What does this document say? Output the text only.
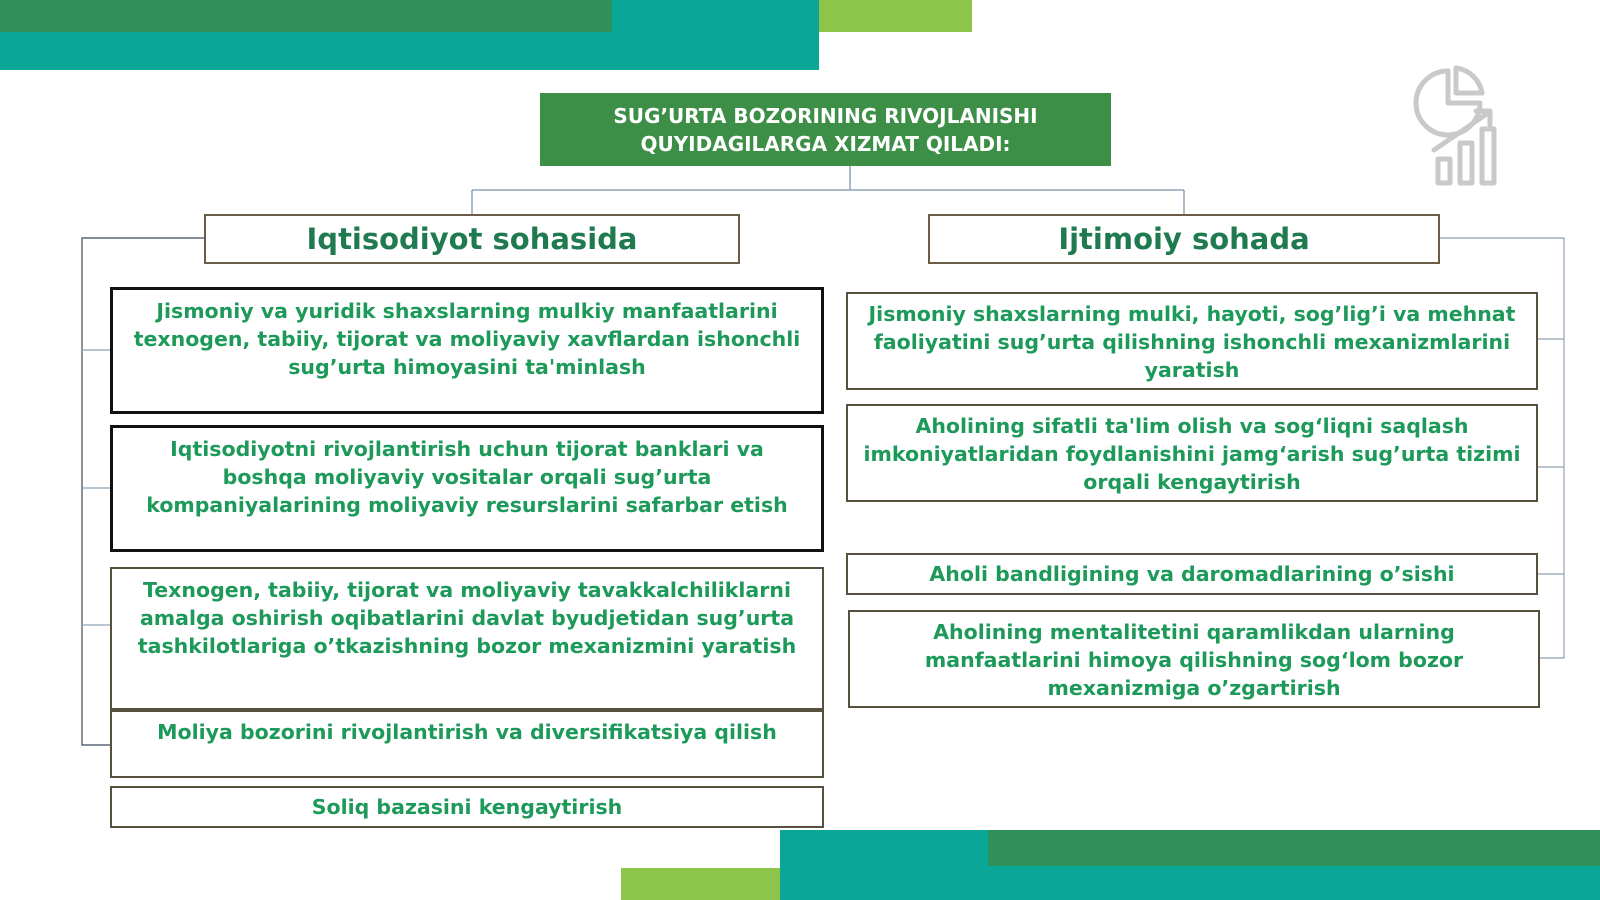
SUG’URTA BOZORINING RIVOJLANISHI
QUYIDAGILARGA XIZMAT QILADI:
Iqtisodiyot sohasida	Ijtimoiy sohada
Jismoniy va yuridik shaxslarning mulkiy manfaatlarini texnogen, tabiiy, tijorat va moliyaviy xavflardan ishonchli sug’urta himoyasini ta'minlash
Iqtisodiyotni rivojlantirish uchun tijorat banklari va boshqa moliyaviy vositalar orqali sug’urta kompaniyalarining moliyaviy resurslarini safarbar etish
Texnogen, tabiiy, tijorat va moliyaviy tavakkalchiliklarni amalga oshirish oqibatlarini davlat byudjetidan sug’urta tashkilotlariga o’tkazishning bozor mexanizmini yaratish
Moliya bozorini rivojlantirish va diversifikatsiya qilish
Soliq bazasini kengaytirish
Jismoniy shaxslarning mulki, hayoti, sog’lig’i va mehnat faoliyatini sug’urta qilishning ishonchli mexanizmlarini yaratish
Aholining sifatli ta'lim olish va sog‘liqni saqlash imkoniyatlaridan foydlanishini jamg‘arish sug’urta tizimi orqali kengaytirish
Aholi bandligining va daromadlarining o’sishi
Aholining mentalitetini qaramlikdan ularning manfaatlarini himoya qilishning sog‘lom bozor mexanizmiga o’zgartirish
